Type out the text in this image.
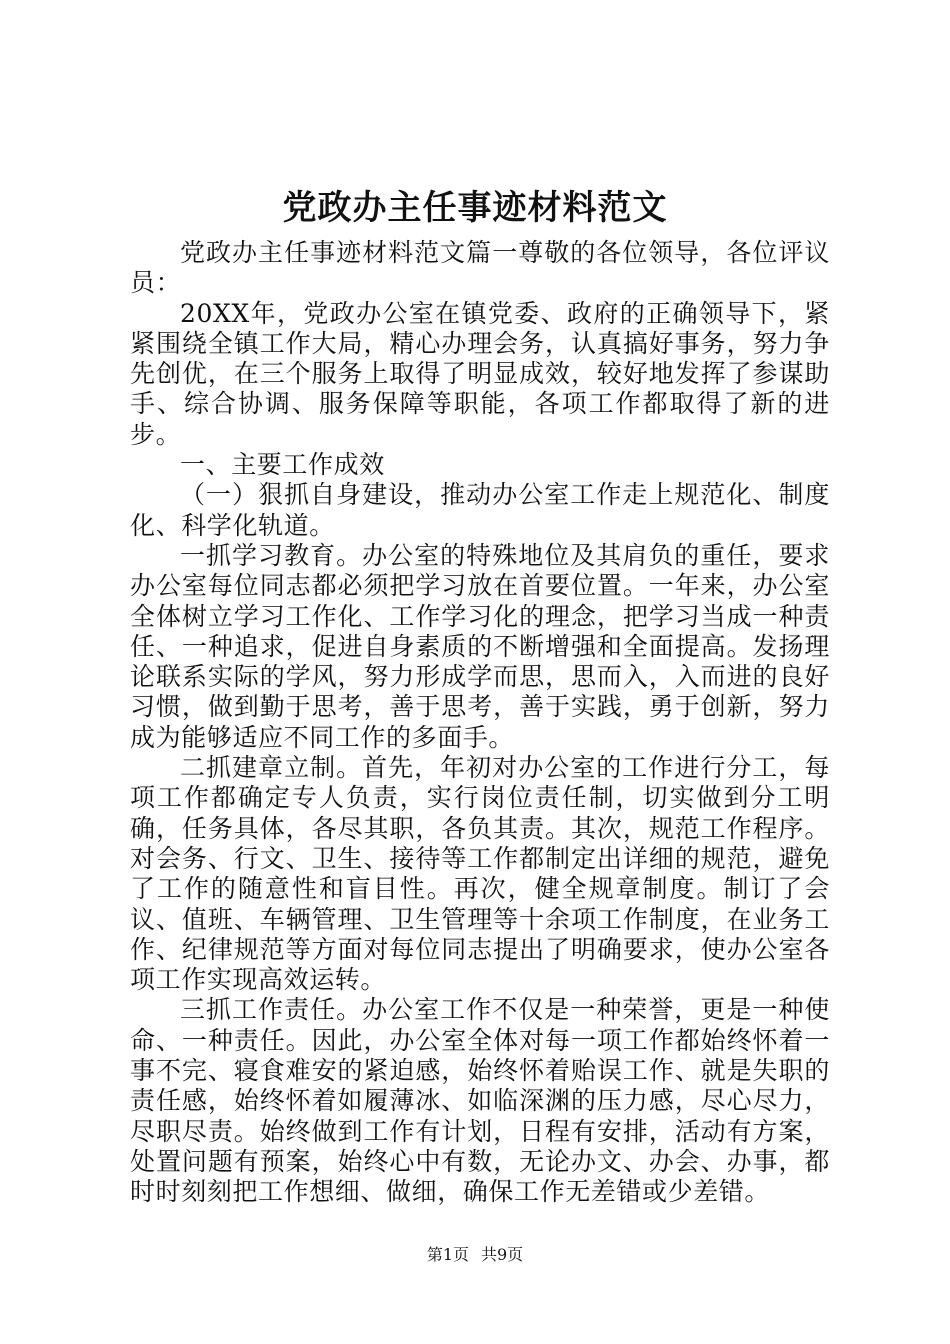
党政办主任事迹材料范文

党政办主任事迹材料范文篇一尊敬的各位领导，各位评议员：

20XX年，党政办公室在镇党委、政府的正确领导下，紧紧围绕全镇工作大局，精心办理会务，认真搞好事务，努力争先创优，在三个服务上取得了明显成效，较好地发挥了参谋助手、综合协调、服务保障等职能，各项工作都取得了新的进步。

一、主要工作成效

（一）狠抓自身建设，推动办公室工作走上规范化、制度化、科学化轨道。

一抓学习教育。办公室的特殊地位及其肩负的重任，要求办公室每位同志都必须把学习放在首要位置。一年来，办公室全体树立学习工作化、工作学习化的理念，把学习当成一种责任、一种追求，促进自身素质的不断增强和全面提高。发扬理论联系实际的学风，努力形成学而思，思而入，入而进的良好习惯，做到勤于思考，善于思考，善于实践，勇于创新，努力成为能够适应不同工作的多面手。

二抓建章立制。首先，年初对办公室的工作进行分工，每项工作都确定专人负责，实行岗位责任制，切实做到分工明确，任务具体，各尽其职，各负其责。其次，规范工作程序。对会务、行文、卫生、接待等工作都制定出详细的规范，避免了工作的随意性和盲目性。再次，健全规章制度。制订了会议、值班、车辆管理、卫生管理等十余项工作制度，在业务工作、纪律规范等方面对每位同志提出了明确要求，使办公室各项工作实现高效运转。

三抓工作责任。办公室工作不仅是一种荣誉，更是一种使命、一种责任。因此，办公室全体对每一项工作都始终怀着一事不完、寝食难安的紧迫感，始终怀着贻误工作、就是失职的责任感，始终怀着如履薄冰、如临深渊的压力感，尽心尽力，尽职尽责。始终做到工作有计划，日程有安排，活动有方案，处置问题有预案，始终心中有数，无论办文、办会、办事，都时时刻刻把工作想细、做细，确保工作无差错或少差错。

第1页 共9页
